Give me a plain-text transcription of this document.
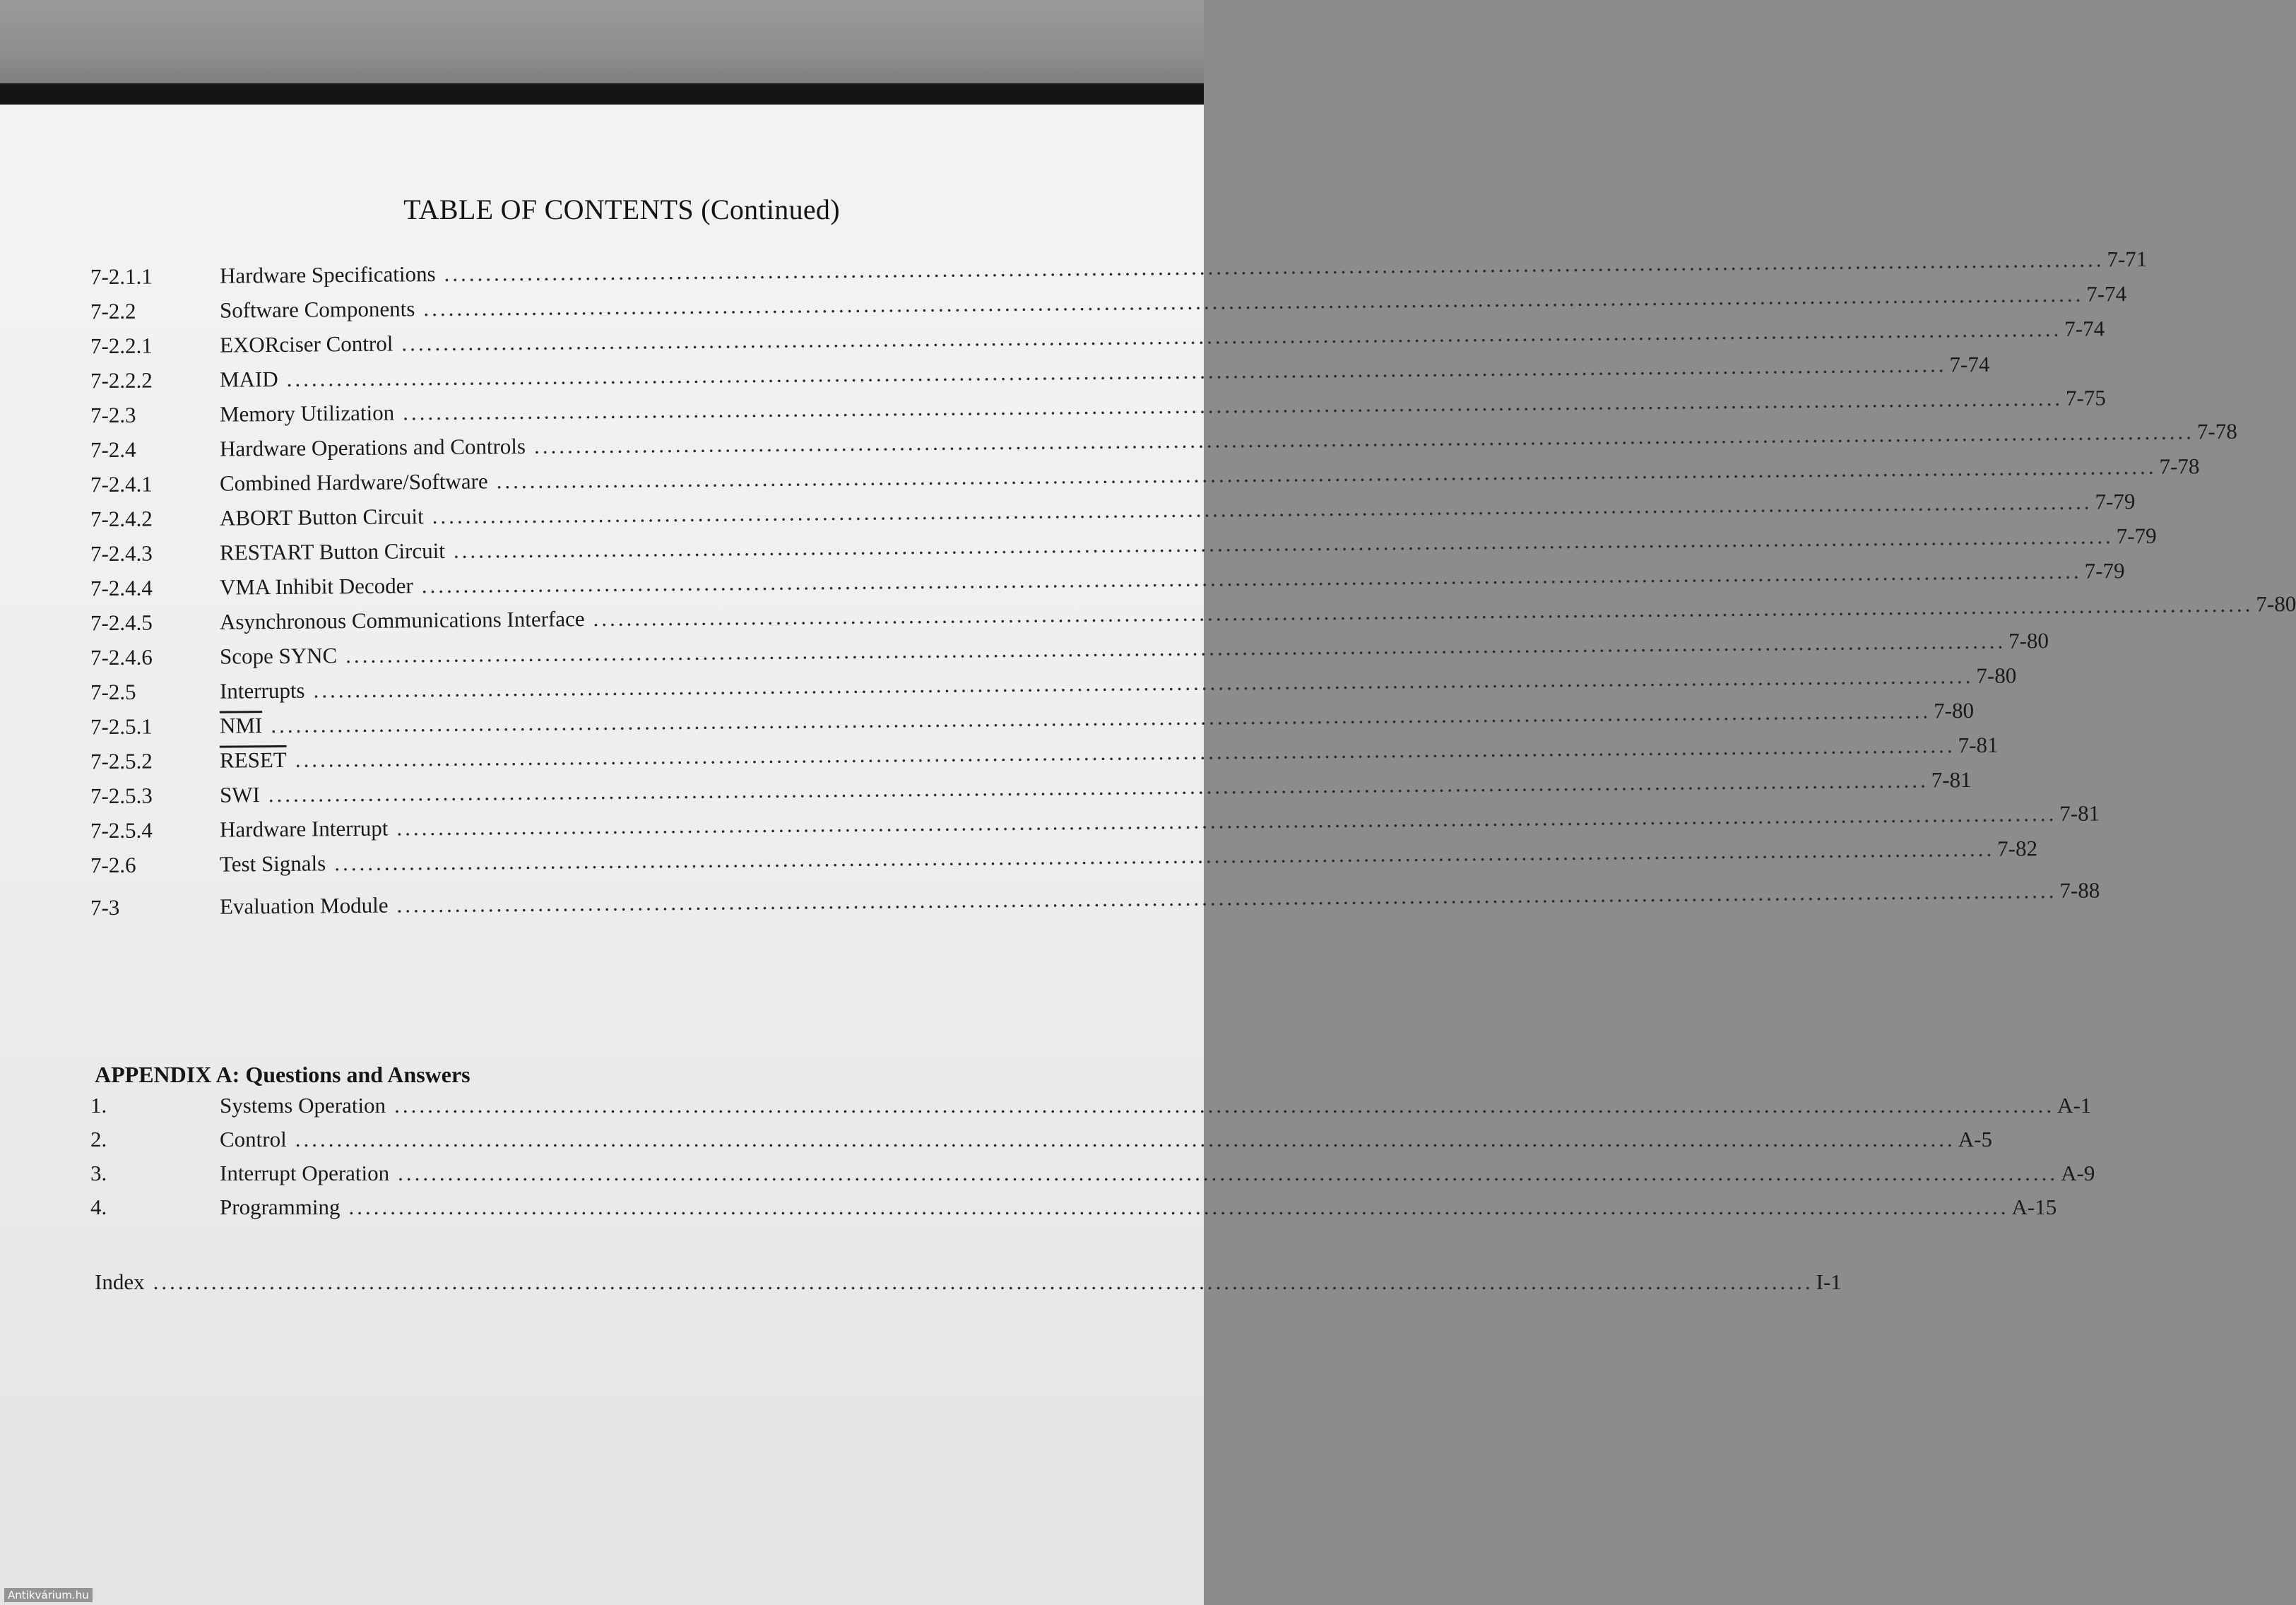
TABLE OF CONTENTS (Continued)
7-2.1.1	Hardware Specifications ........................................................................................................................................................................................................ 7-71
7-2.2	Software Components ........................................................................................................................................................................................................ 7-74
7-2.2.1	EXORciser Control ........................................................................................................................................................................................................ 7-74
7-2.2.2	MAID ........................................................................................................................................................................................................ 7-74
7-2.3	Memory Utilization ........................................................................................................................................................................................................ 7-75
7-2.4	Hardware Operations and Controls ........................................................................................................................................................................................................ 7-78
7-2.4.1	Combined Hardware/Software ........................................................................................................................................................................................................ 7-78
7-2.4.2	ABORT Button Circuit ........................................................................................................................................................................................................ 7-79
7-2.4.3	RESTART Button Circuit ........................................................................................................................................................................................................ 7-79
7-2.4.4	VMA Inhibit Decoder ........................................................................................................................................................................................................ 7-79
7-2.4.5	Asynchronous Communications Interface ........................................................................................................................................................................................................ 7-80
7-2.4.6	Scope SYNC ........................................................................................................................................................................................................ 7-80
7-2.5	Interrupts ........................................................................................................................................................................................................ 7-80
7-2.5.1	$\overline{NMI}$ ........................................................................................................................................................................................................ 7-80
7-2.5.2	RESET ........................................................................................................................................................................................................ 7-81
7-2.5.3	SWI ........................................................................................................................................................................................................ 7-81
7-2.5.4	Hardware Interrupt ........................................................................................................................................................................................................ 7-81
7-2.6	Test Signals ........................................................................................................................................................................................................ 7-82
7-3	Evaluation Module ........................................................................................................................................................................................................ 7-88
APPENDIX A: Questions and Answers
1.	Systems Operation ........................................................................................................................................................................................................ A-1
2.	Control ........................................................................................................................................................................................................ A-5
3.	Interrupt Operation ........................................................................................................................................................................................................ A-9
4.	Programming ........................................................................................................................................................................................................ A-15
Index ........................................................................................................................................................................................................ I-1
Antikvárium.hu
